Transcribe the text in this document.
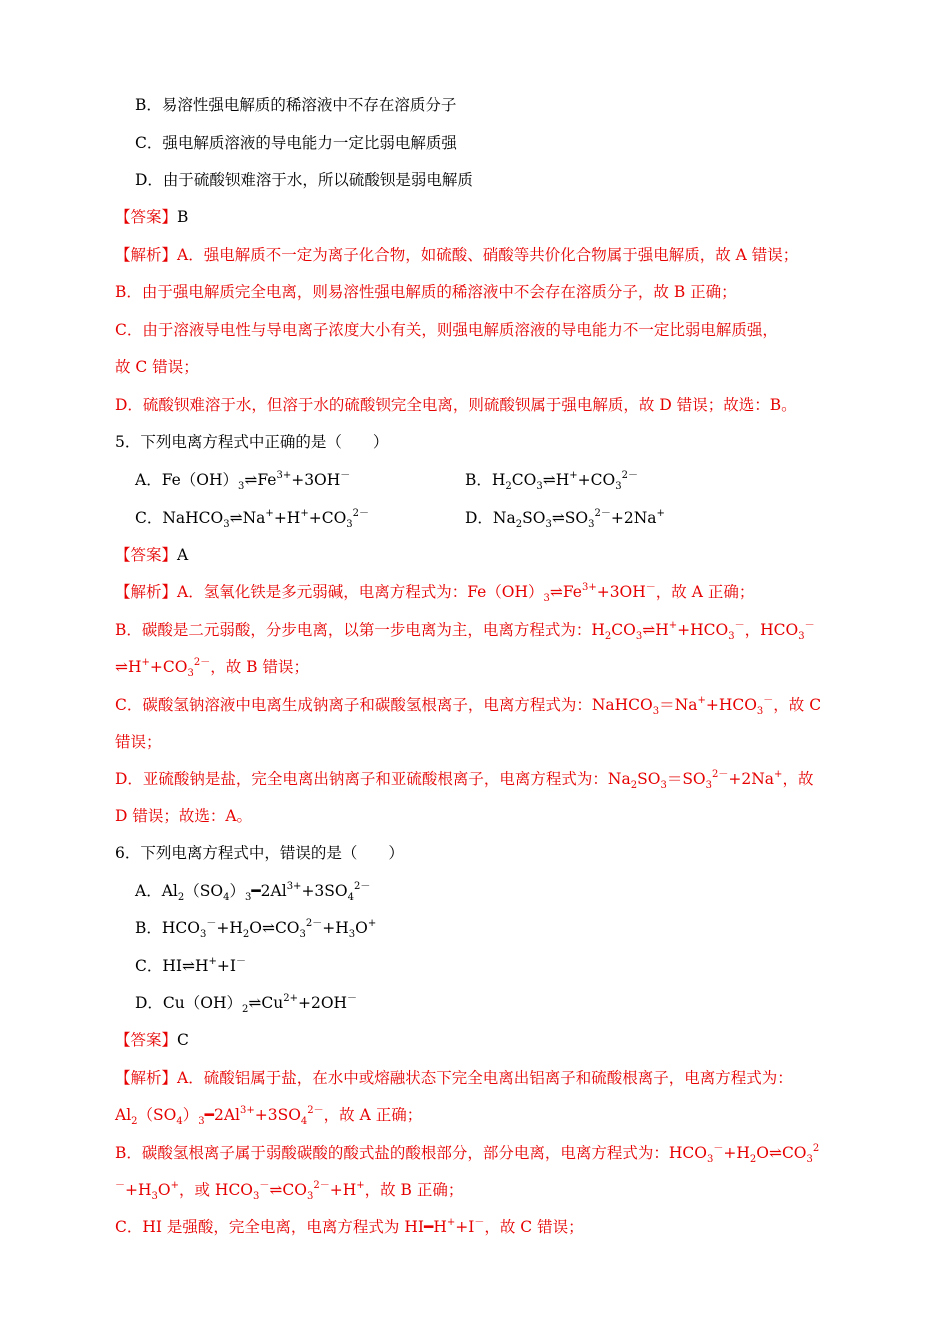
B．易溶性强电解质的稀溶液中不存在溶质分子
C．强电解质溶液的导电能力一定比弱电解质强
D．由于硫酸钡难溶于水，所以硫酸钡是弱电解质
【答案】B
【解析】A．强电解质不一定为离子化合物，如硫酸、硝酸等共价化合物属于强电解质，故 A 错误；
B．由于强电解质完全电离，则易溶性强电解质的稀溶液中不会存在溶质分子，故 B 正确；
C．由于溶液导电性与导电离子浓度大小有关，则强电解质溶液的导电能力不一定比弱电解质强，
故 C 错误；
D．硫酸钡难溶于水，但溶于水的硫酸钡完全电离，则硫酸钡属于强电解质，故 D 错误；故选：B。
5．下列电离方程式中正确的是（　　）
A．$Fe(OH)_3\rightleftharpoons Fe^{3+}+3OH^-$	B．$H_2CO_3\rightleftharpoons H^++CO_3^{2-}$
C．$NaHCO_3\rightleftharpoons Na^++H^++CO_3^{2-}$	D．$Na_2SO_3\rightleftharpoons SO_3^{2-}+2Na^+$
【答案】A
【解析】A．氢氧化铁是多元弱碱，电离方程式为：$Fe(OH)_3\rightleftharpoons Fe^{3+}+3OH^-$，故 A 正确；
B．碳酸是二元弱酸，分步电离，以第一步电离为主，电离方程式为：$H_2CO_3\rightleftharpoons H^++HCO_3^-$，$HCO_3^-$
$\rightleftharpoons H^++CO_3^{2-}$，故 B 错误；
C．碳酸氢钠溶液中电离生成钠离子和碳酸氢根离子，电离方程式为：$NaHCO_3=Na^++HCO_3^-$，故 C
错误；
D．亚硫酸钠是盐，完全电离出钠离子和亚硫酸根离子，电离方程式为：$Na_2SO_3=SO_3^{2-}+2Na^+$，故
D 错误；故选：A。
6．下列电离方程式中，错误的是（　　）
A．$Al_2(SO_4)_3━2Al^{3+}+3SO_4^{2-}$
B．$HCO_3^-+H_2O\rightleftharpoons CO_3^{2-}+H_3O^+$
C．HI⇌H++I－
D．$Cu(OH)_2\rightleftharpoons Cu^{2+}+2OH^-$
【答案】C
【解析】A．硫酸铝属于盐，在水中或熔融状态下完全电离出铝离子和硫酸根离子，电离方程式为：
$Al_2(SO_4)_3━2Al^{3+}+3SO_4^{2-}$，故 A 正确；
B．碳酸氢根离子属于弱酸碳酸的酸式盐的酸根部分，部分电离，电离方程式为：$HCO_3^-+H_2O\rightleftharpoons CO_3^2$
$^-+H_3O^+$，或 $HCO_3^-\rightleftharpoons CO_3^{2-}+H^+$，故 B 正确；
C．HI 是强酸，完全电离，电离方程式为 HI━H++I－，故 C 错误；
